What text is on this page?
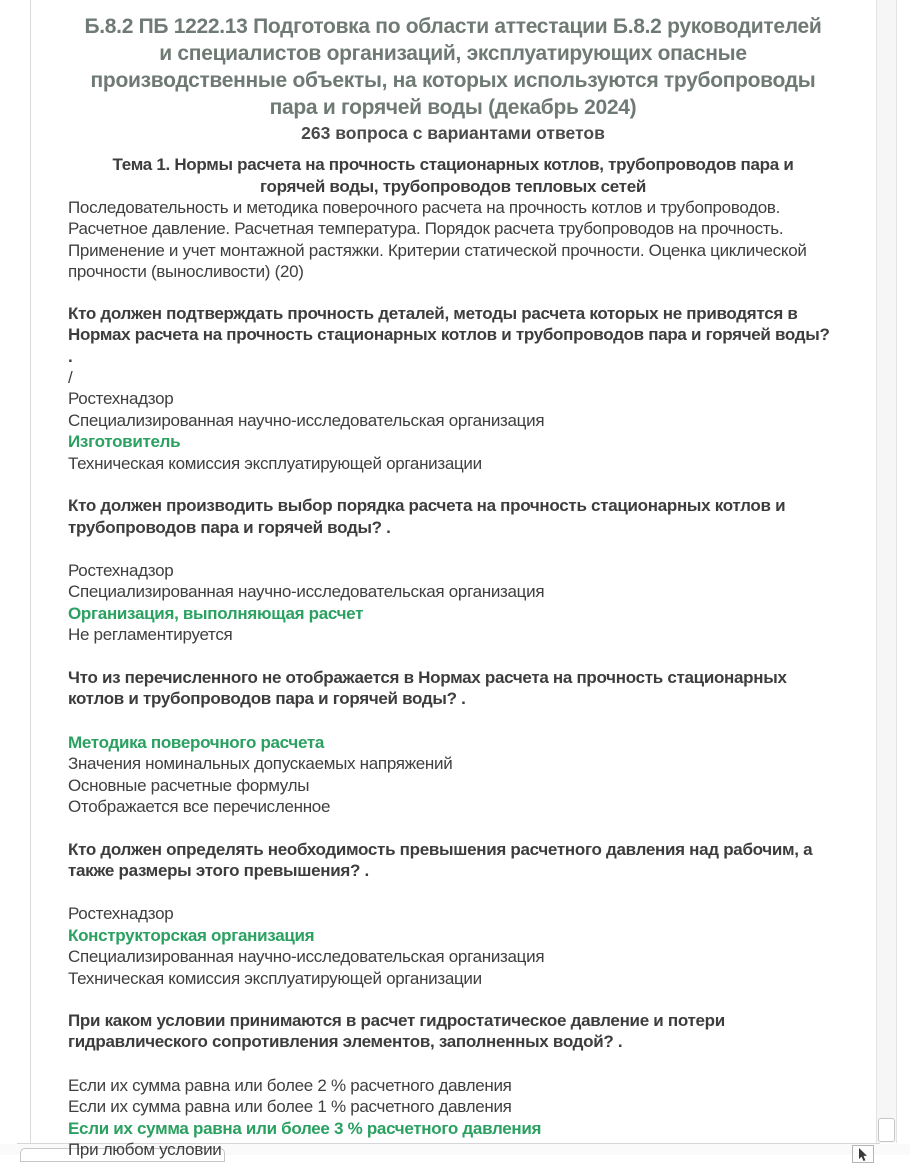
Б.8.2 ПБ 1222.13 Подготовка по области аттестации Б.8.2 руководителей
и специалистов организаций, эксплуатирующих опасные
производственные объекты, на которых используются трубопроводы
пара и горячей воды (декабрь 2024)
263 вопроса с вариантами ответов
Тема 1. Нормы расчета на прочность стационарных котлов, трубопроводов пара и
горячей воды, трубопроводов тепловых сетей
Последовательность и методика поверочного расчета на прочность котлов и трубопроводов. Расчетное давление. Расчетная температура. Порядок расчета трубопроводов на прочность. Применение и учет монтажной растяжки. Критерии статической прочности. Оценка циклической прочности (выносливости) (20)

Кто должен подтверждать прочность деталей, методы расчета которых не приводятся в Нормах расчета на прочность стационарных котлов и трубопроводов пара и горячей воды? .

/
Ростехнадзор
Специализированная научно-исследовательская организация
Изготовитель
Техническая комиссия эксплуатирующей организации

Кто должен производить выбор порядка расчета на прочность стационарных котлов и трубопроводов пара и горячей воды? .

Ростехнадзор
Специализированная научно-исследовательская организация
Организация, выполняющая расчет
Не регламентируется

Что из перечисленного не отображается в Нормах расчета на прочность стационарных котлов и трубопроводов пара и горячей воды? .

Методика поверочного расчета
Значения номинальных допускаемых напряжений
Основные расчетные формулы
Отображается все перечисленное

Кто должен определять необходимость превышения расчетного давления над рабочим, а также размеры этого превышения? .

Ростехнадзор
Конструкторская организация
Специализированная научно-исследовательская организация
Техническая комиссия эксплуатирующей организации

При каком условии принимаются в расчет гидростатическое давление и потери гидравлического сопротивления элементов, заполненных водой? .

Если их сумма равна или более 2 % расчетного давления
Если их сумма равна или более 1 % расчетного давления
Если их сумма равна или более 3 % расчетного давления
При любом условии
